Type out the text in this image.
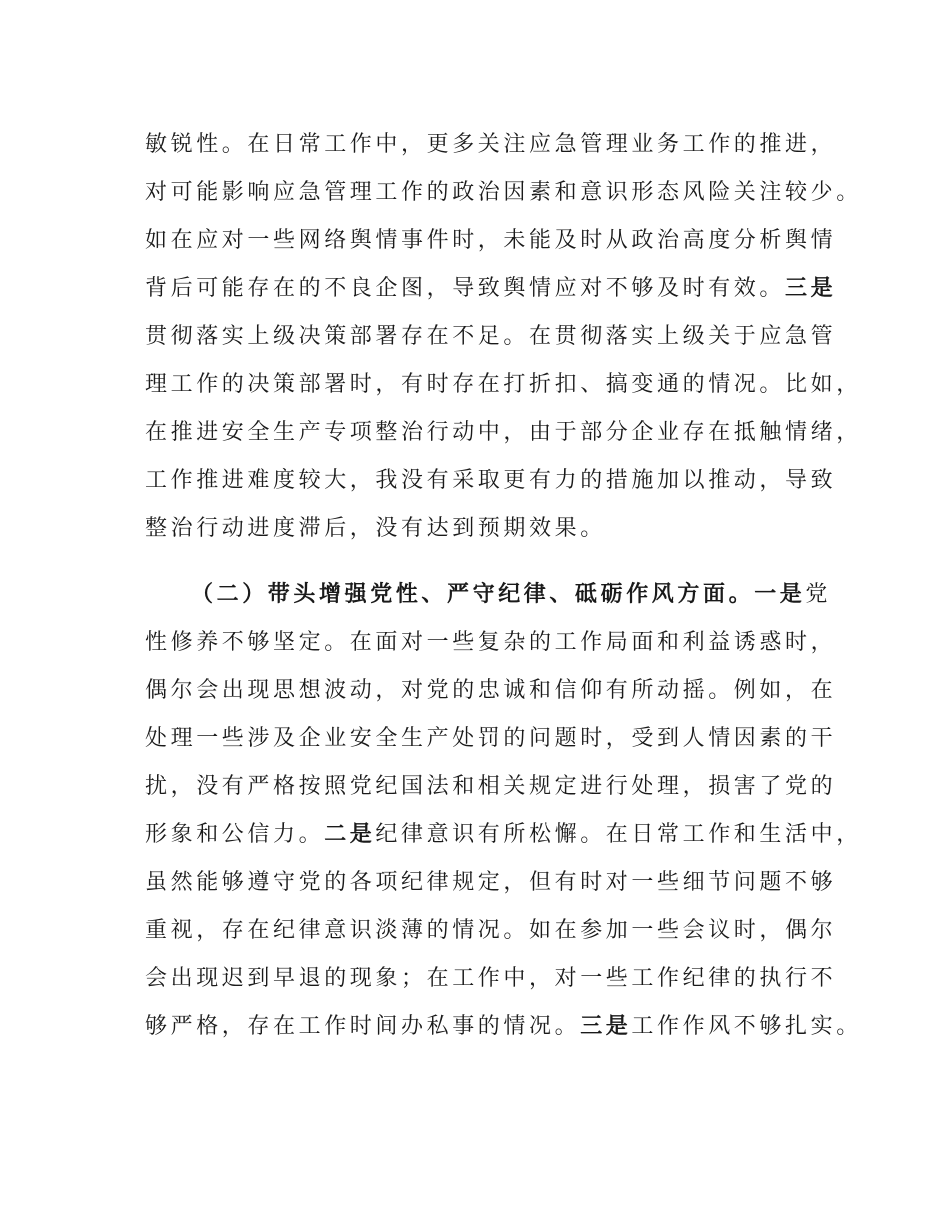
敏锐性。在日常工作中，更多关注应急管理业务工作的推进，
对可能影响应急管理工作的政治因素和意识形态风险关注较少。
如在应对一些网络舆情事件时，未能及时从政治高度分析舆情
背后可能存在的不良企图，导致舆情应对不够及时有效。三是
贯彻落实上级决策部署存在不足。在贯彻落实上级关于应急管
理工作的决策部署时，有时存在打折扣、搞变通的情况。比如，
在推进安全生产专项整治行动中，由于部分企业存在抵触情绪，
工作推进难度较大，我没有采取更有力的措施加以推动，导致
整治行动进度滞后，没有达到预期效果。
（二）带头增强党性、严守纪律、砥砺作风方面。一是党
性修养不够坚定。在面对一些复杂的工作局面和利益诱惑时，
偶尔会出现思想波动，对党的忠诚和信仰有所动摇。例如，在
处理一些涉及企业安全生产处罚的问题时，受到人情因素的干
扰，没有严格按照党纪国法和相关规定进行处理，损害了党的
形象和公信力。二是纪律意识有所松懈。在日常工作和生活中，
虽然能够遵守党的各项纪律规定，但有时对一些细节问题不够
重视，存在纪律意识淡薄的情况。如在参加一些会议时，偶尔
会出现迟到早退的现象；在工作中，对一些工作纪律的执行不
够严格，存在工作时间办私事的情况。三是工作作风不够扎实。
